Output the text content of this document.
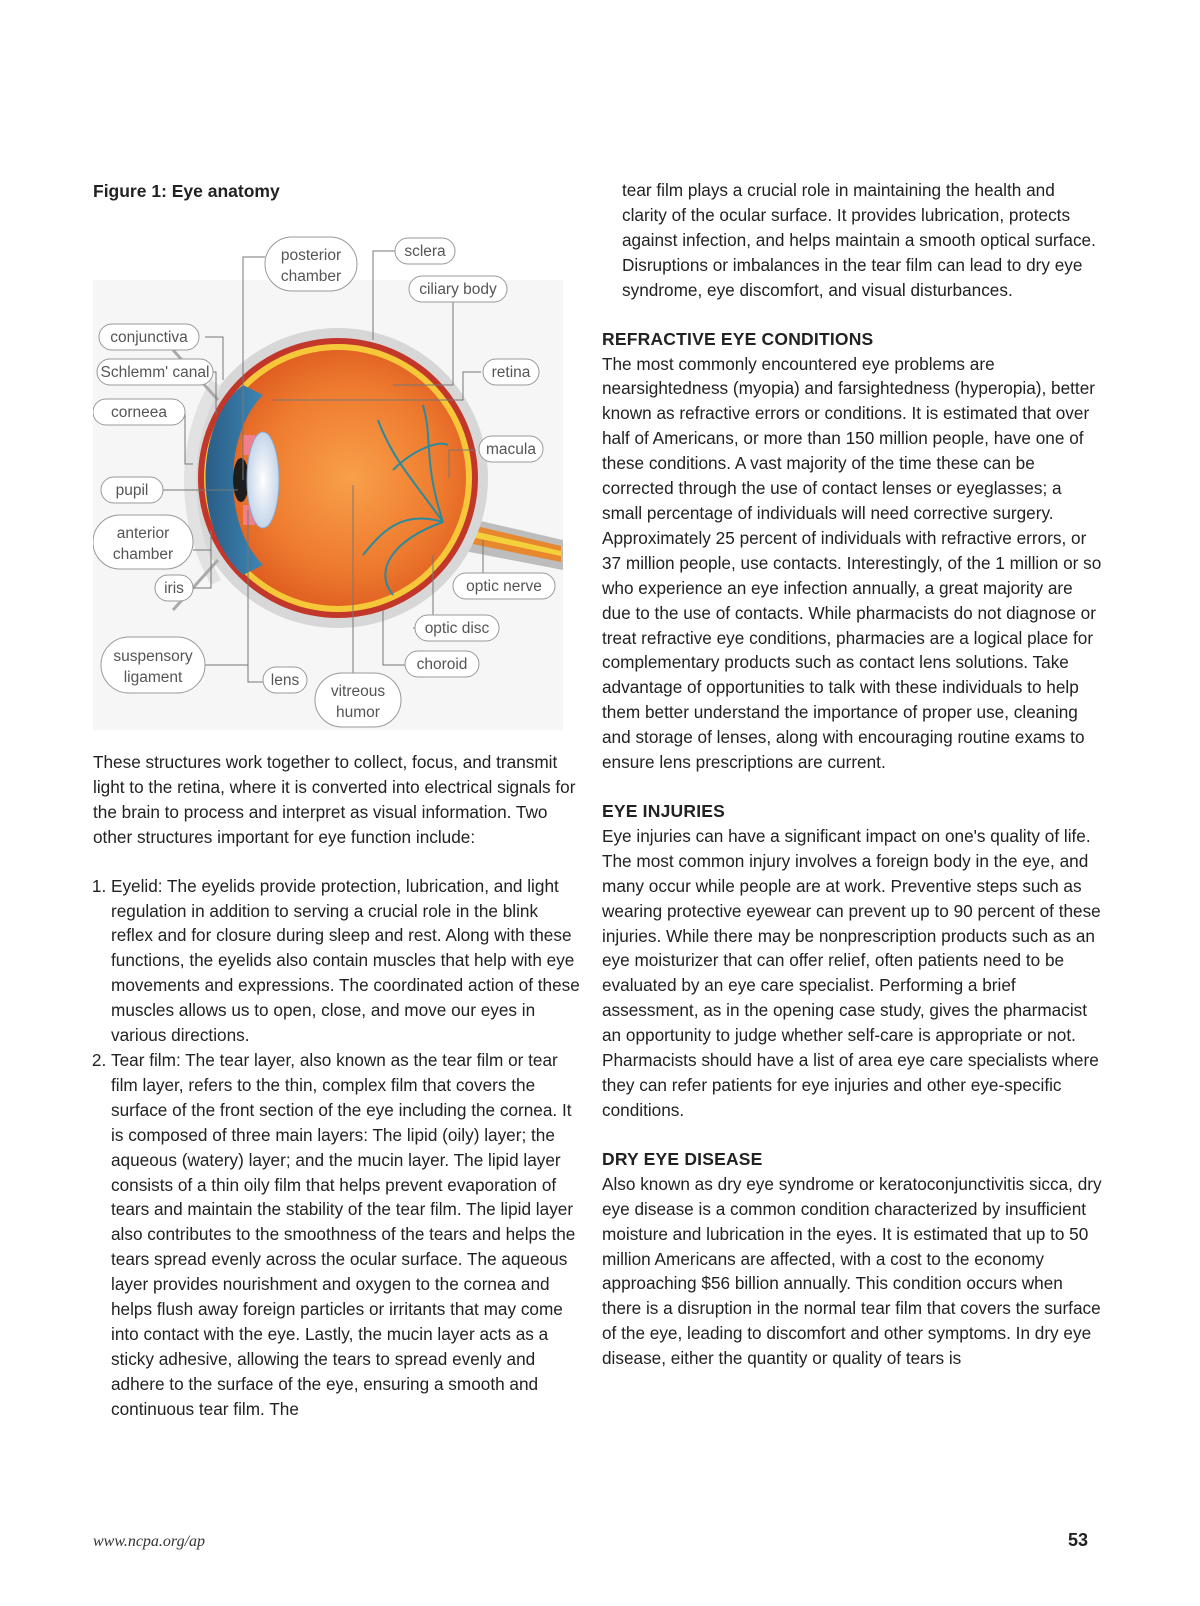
Figure 1: Eye anatomy
posterior
chamber
sclera
ciliary body
conjunctiva
Schlemm' canal	retina
corneea
macula
pupil
anterior
chamber
iris	optic nerve
optic disc
choroid
suspensory
ligament	lens
vitreous
humor

These structures work together to collect, focus, and transmit light to the retina, where it is converted into electrical signals for the brain to process and interpret as visual information. Two other structures important for eye function include:

1. Eyelid: The eyelids provide protection, lubrication, and light regulation in addition to serving a crucial role in the blink reflex and for closure during sleep and rest. Along with these functions, the eyelids also contain muscles that help with eye movements and expressions. The coordinated action of these muscles allows us to open, close, and move our eyes in various directions.
2. Tear film: The tear layer, also known as the tear film or tear film layer, refers to the thin, complex film that covers the surface of the front section of the eye including the cornea. It is composed of three main layers: The lipid (oily) layer; the aqueous (watery) layer; and the mucin layer. The lipid layer consists of a thin oily film that helps prevent evaporation of tears and maintain the stability of the tear film. The lipid layer also contributes to the smoothness of the tears and helps the tears spread evenly across the ocular surface. The aqueous layer provides nourishment and oxygen to the cornea and helps flush away foreign particles or irritants that may come into contact with the eye. Lastly, the mucin layer acts as a sticky adhesive, allowing the tears to spread evenly and adhere to the surface of the eye, ensuring a smooth and continuous tear film. The

tear film plays a crucial role in maintaining the health and clarity of the ocular surface. It provides lubrication, protects against infection, and helps maintain a smooth optical surface. Disruptions or imbalances in the tear film can lead to dry eye syndrome, eye discomfort, and visual disturbances.

REFRACTIVE EYE CONDITIONS

The most commonly encountered eye problems are nearsightedness (myopia) and farsightedness (hyperopia), better known as refractive errors or conditions. It is estimated that over half of Americans, or more than 150 million people, have one of these conditions. A vast majority of the time these can be corrected through the use of contact lenses or eyeglasses; a small percentage of individuals will need corrective surgery. Approximately 25 percent of individuals with refractive errors, or 37 million people, use contacts. Interestingly, of the 1 million or so who experience an eye infection annually, a great majority are due to the use of contacts. While pharmacists do not diagnose or treat refractive eye conditions, pharmacies are a logical place for complementary products such as contact lens solutions. Take advantage of opportunities to talk with these individuals to help them better understand the importance of proper use, cleaning and storage of lenses, along with encouraging routine exams to ensure lens prescriptions are current.

EYE INJURIES

Eye injuries can have a significant impact on one's quality of life. The most common injury involves a foreign body in the eye, and many occur while people are at work. Preventive steps such as wearing protective eyewear can prevent up to 90 percent of these injuries. While there may be nonprescription products such as an eye moisturizer that can offer relief, often patients need to be evaluated by an eye care specialist. Performing a brief assessment, as in the opening case study, gives the pharmacist an opportunity to judge whether self-care is appropriate or not. Pharmacists should have a list of area eye care specialists where they can refer patients for eye injuries and other eye-specific conditions.

DRY EYE DISEASE

Also known as dry eye syndrome or keratoconjunctivitis sicca, dry eye disease is a common condition characterized by insufficient moisture and lubrication in the eyes. It is estimated that up to 50 million Americans are affected, with a cost to the economy approaching $56 billion annually. This condition occurs when there is a disruption in the normal tear film that covers the surface of the eye, leading to discomfort and other symptoms. In dry eye disease, either the quantity or quality of tears is

www.ncpa.org/ap	53
